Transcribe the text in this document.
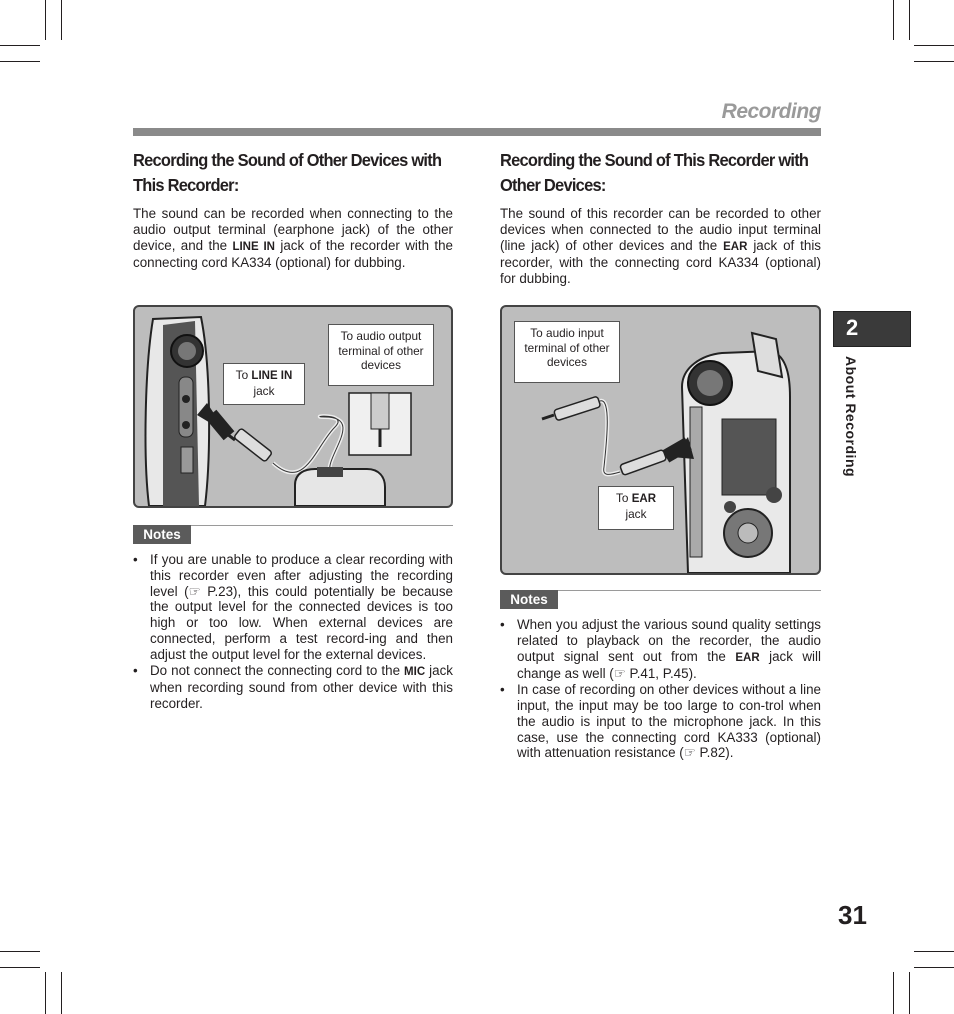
Recording

Recording the Sound of Other Devices with
This Recorder:

The sound can be recorded when connecting to the audio output terminal (earphone jack) of the other device, and the LINE IN jack of the recorder with the connecting cord KA334 (optional) for dubbing.

To audio output terminal of other devices
To LINE IN
jack
Notes
• If you are unable to produce a clear recording with this recorder even after adjusting the recording level (☞ P.23), this could potentially be because the output level for the connected devices is too high or too low. When external devices are connected, perform a test record-ing and then adjust the output level for the external devices.
• Do not connect the connecting cord to the MIC jack when recording sound from other device with this recorder.

Recording the Sound of This Recorder with
Other Devices:

The sound of this recorder can be recorded to other devices when connected to the audio input terminal (line jack) of other devices and the EAR jack of this recorder, with the connecting cord KA334 (optional) for dubbing.

To audio input terminal of other devices
To EAR
jack
Notes
• When you adjust the various sound quality settings related to playback on the recorder, the audio output signal sent out from the EAR jack will change as well (☞ P.41, P.45).
• In case of recording on other devices without a line input, the input may be too large to con-trol when the audio is input to the microphone jack. In this case, use the connecting cord KA333 (optional) with attenuation resistance (☞ P.82).
2
About Recording
31
